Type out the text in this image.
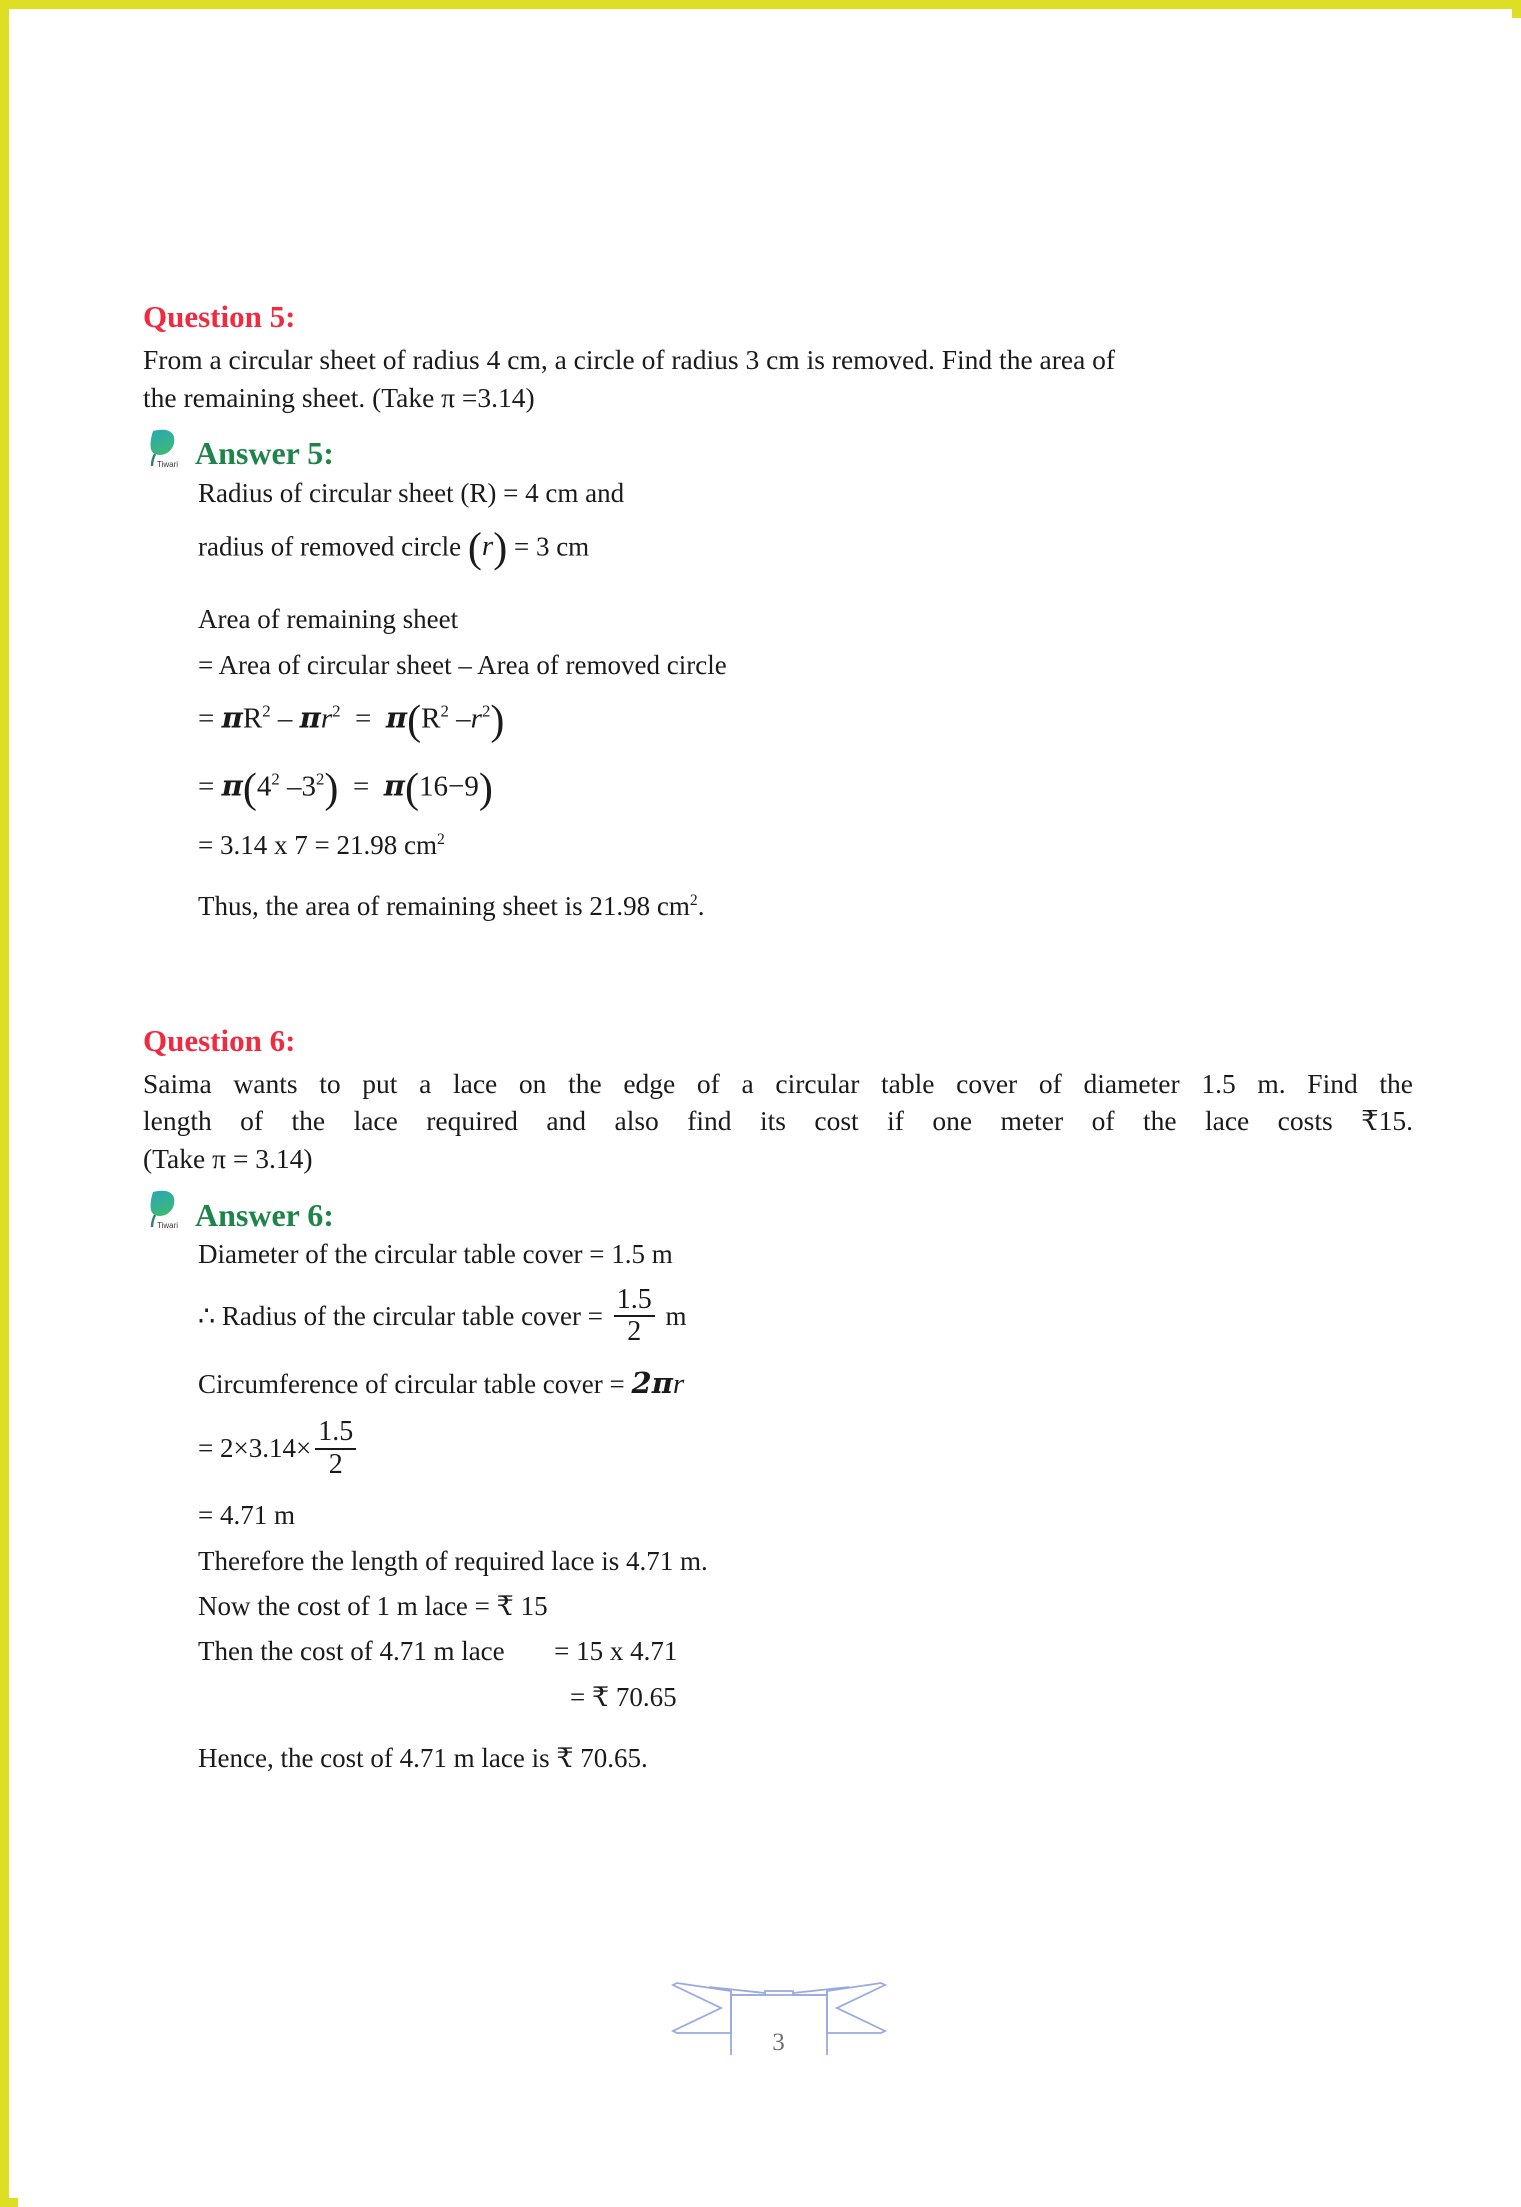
Question 5:
From a circular sheet of radius 4 cm, a circle of radius 3 cm is removed. Find the area of
the remaining sheet. (Take π =3.14)
Tiwari Answer 5:
Radius of circular sheet (R) = 4 cm and
radius of removed circle (r) = 3 cm
Area of remaining sheet
= Area of circular sheet – Area of removed circle
= $\pi R^2 - \pi r^2 = \pi(R^2$ $-r^2$)
= $\pi(4^2$ $-3^2) = \pi(16-9)$
= 3.14 x 7 = 21.98 $cm^2$
Thus, the area of remaining sheet is 21.98 $cm^2$.
Question 6:
Saima wants to put a lace on the edge of a circular table cover of diameter 1.5 m. Find the
length of the lace required and also find its cost if one meter of the lace costs ₹15.
(Take π = 3.14)
Tiwari Answer 6:
Diameter of the circular table cover = 1.5 m
∴ Radius of the circular table cover = $\frac{1.5}{2}$ m
Circumference of circular table cover = 2πr
= $2\times 3.14\times \frac{1.5}{2}$
= 4.71 m
Therefore the length of required lace is 4.71 m.
Now the cost of 1 m lace = ₹ 15
Then the cost of 4.71 m lace = 15 x 4.71
= ₹ 70.65
Hence, the cost of 4.71 m lace is ₹ 70.65.
3
